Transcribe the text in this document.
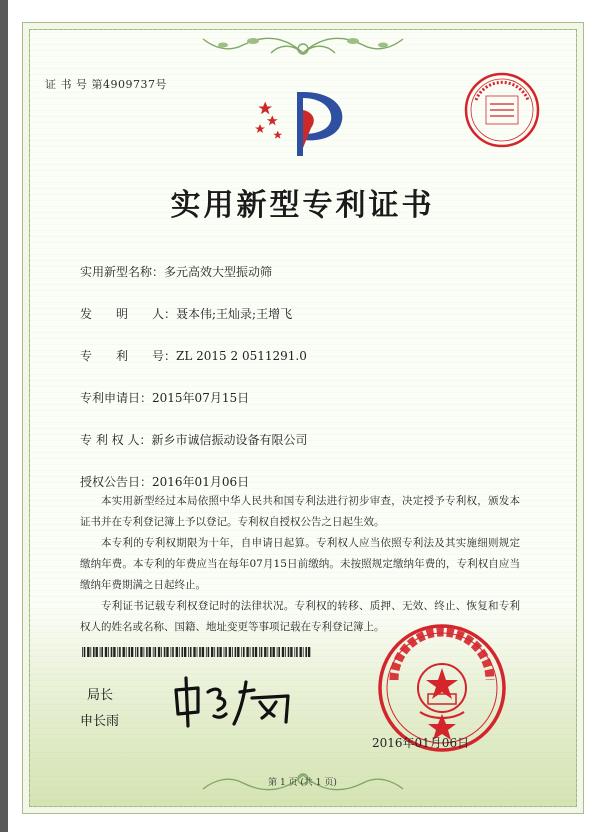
证 书 号 第4909737号
实用新型专利证书
实用新型名称：多元高效大型振动筛
发　　明　　人：聂本伟;王灿录;王增飞
专　　利　　号：ZL 2015 2 0511291.0
专利申请日：2015年07月15日
专 利 权 人：新乡市诚信振动设备有限公司
授权公告日：2016年01月06日
本实用新型经过本局依照中华人民共和国专利法进行初步审查，决定授予专利权，颁发本证书并在专利登记簿上予以登记。专利权自授权公告之日起生效。
本专利的专利权期限为十年，自申请日起算。专利权人应当依照专利法及其实施细则规定缴纳年费。本专利的年费应当在每年07月15日前缴纳。未按照规定缴纳年费的，专利权自应当缴纳年费期满之日起终止。
专利证书记载专利权登记时的法律状况。专利权的转移、质押、无效、终止、恢复和专利权人的姓名或名称、国籍、地址变更等事项记载在专利登记簿上。
局长
申长雨
2016年01月06日
第 1 页 (共 1 页)
